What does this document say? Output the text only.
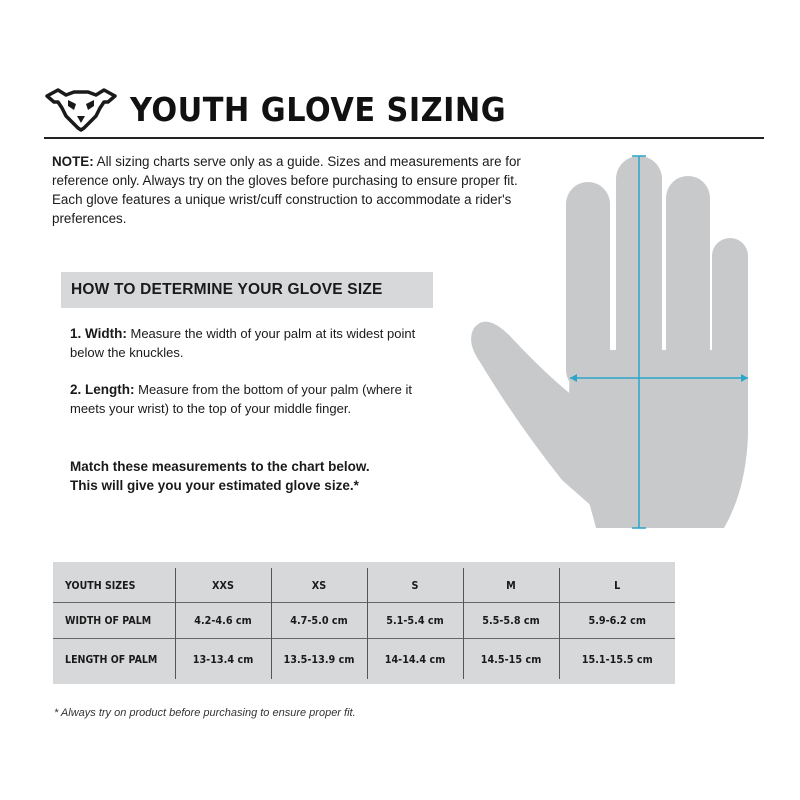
YOUTH GLOVE SIZING
NOTE: All sizing charts serve only as a guide. Sizes and measurements are for reference only. Always try on the gloves before purchasing to ensure proper fit. Each glove features a unique wrist/cuff construction to accommodate a rider's preferences.
HOW TO DETERMINE YOUR GLOVE SIZE
1. Width: Measure the width of your palm at its widest point below the knuckles.
2. Length: Measure from the bottom of your palm (where it meets your wrist) to the top of your middle finger.
Match these measurements to the chart below.
This will give you your estimated glove size.*
YOUTH SIZES	XXS	XS	S	M	L
WIDTH OF PALM	4.2-4.6 cm	4.7-5.0 cm	5.1-5.4 cm	5.5-5.8 cm	5.9-6.2 cm
LENGTH OF PALM	13-13.4 cm	13.5-13.9 cm	14-14.4 cm	14.5-15 cm	15.1-15.5 cm
* Always try on product before purchasing to ensure proper fit.
